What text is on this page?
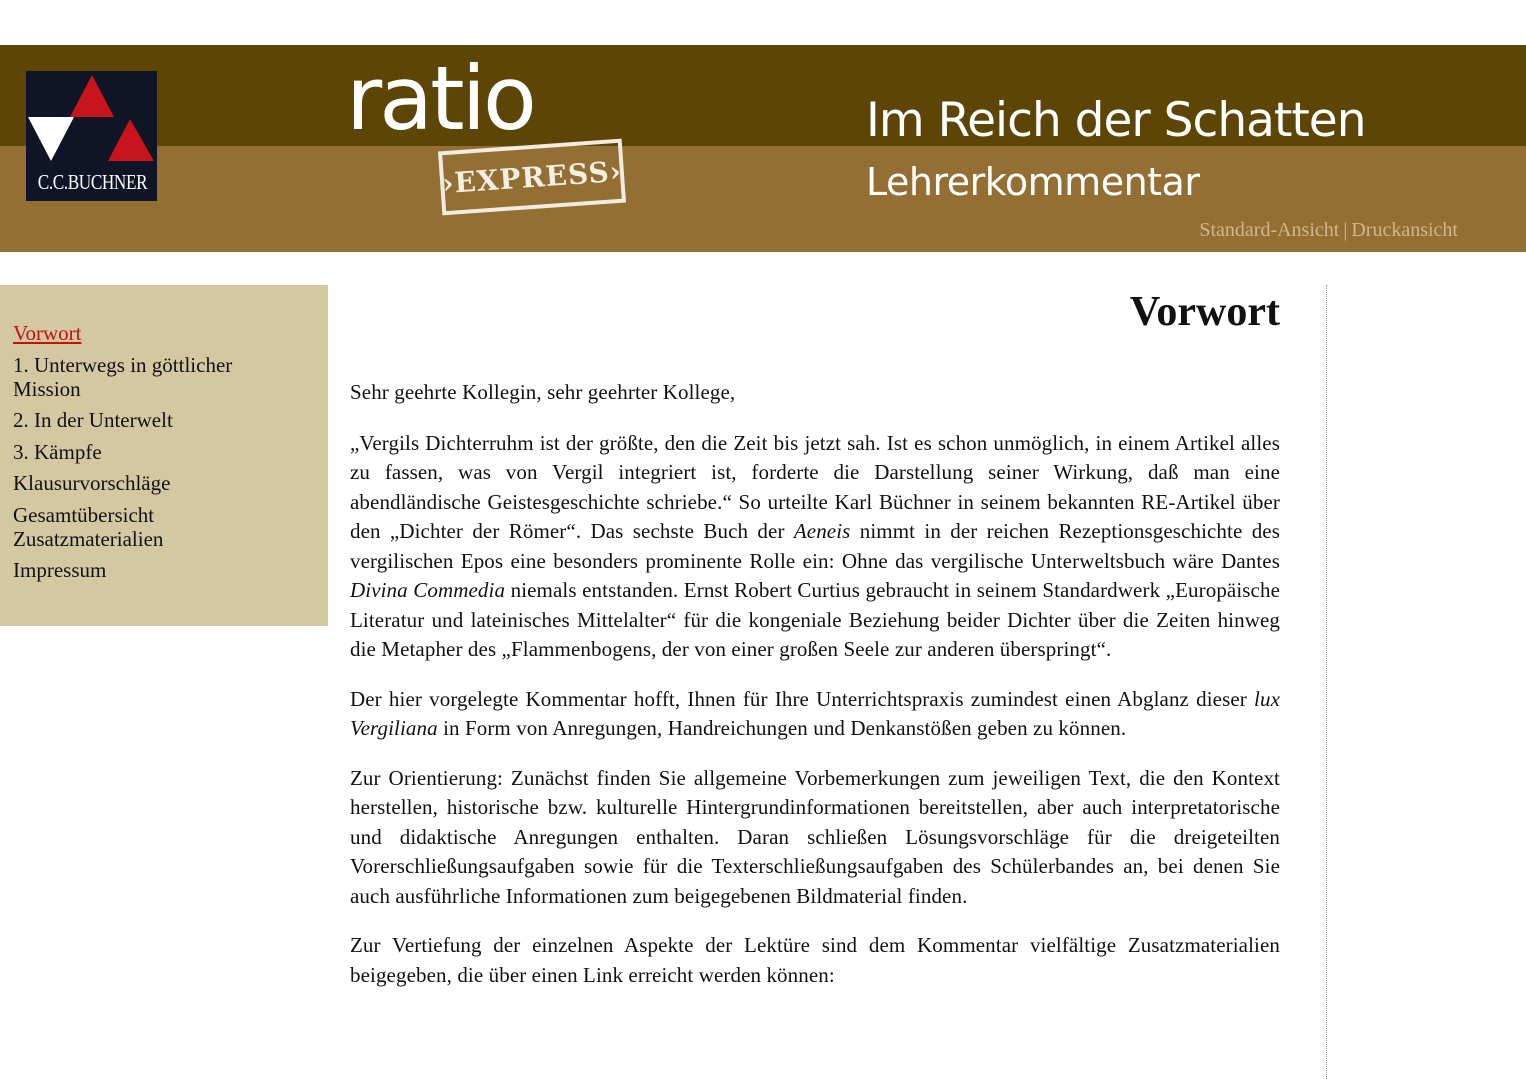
C.C.BUCHNER
ratio
›EXPRESS›
Im Reich der Schatten
Lehrerkommentar
Standard-Ansicht | Druckansicht
Vorwort
1. Unterwegs in göttlicher Mission
2. In der Unterwelt
3. Kämpfe
Klausurvorschläge
Gesamtübersicht Zusatzmaterialien
Impressum
Vorwort

Sehr geehrte Kollegin, sehr geehrter Kollege,

„Vergils Dichterruhm ist der größte, den die Zeit bis jetzt sah. Ist es schon unmöglich, in einem Artikel alles zu fassen, was von Vergil integriert ist, forderte die Darstellung seiner Wirkung, daß man eine abendländische Geistesgeschichte schriebe.“ So urteilte Karl Büchner in seinem bekannten RE-Artikel über den „Dichter der Römer“. Das sechste Buch der Aeneis nimmt in der reichen Rezeptionsgeschichte des vergilischen Epos eine besonders prominente Rolle ein: Ohne das vergilische Unterweltsbuch wäre Dantes Divina Commedia niemals entstanden. Ernst Robert Curtius gebraucht in seinem Standardwerk „Europäische Literatur und lateinisches Mittelalter“ für die kongeniale Beziehung beider Dichter über die Zeiten hinweg die Metapher des „Flammenbogens, der von einer großen Seele zur anderen überspringt“.

Der hier vorgelegte Kommentar hofft, Ihnen für Ihre Unterrichtspraxis zumindest einen Abglanz dieser lux Vergiliana in Form von Anregungen, Handreichungen und Denkanstößen geben zu können.

Zur Orientierung: Zunächst finden Sie allgemeine Vorbemerkungen zum jeweiligen Text, die den Kontext herstellen, historische bzw. kulturelle Hintergrundinformationen bereitstellen, aber auch interpretatorische und didaktische Anregungen enthalten. Daran schließen Lösungsvorschläge für die dreigeteilten Vorerschließungsaufgaben sowie für die Texterschließungsaufgaben des Schülerbandes an, bei denen Sie auch ausführliche Informationen zum beigegebenen Bildmaterial finden.

Zur Vertiefung der einzelnen Aspekte der Lektüre sind dem Kommentar vielfältige Zusatzmaterialien beigegeben, die über einen Link erreicht werden können:
